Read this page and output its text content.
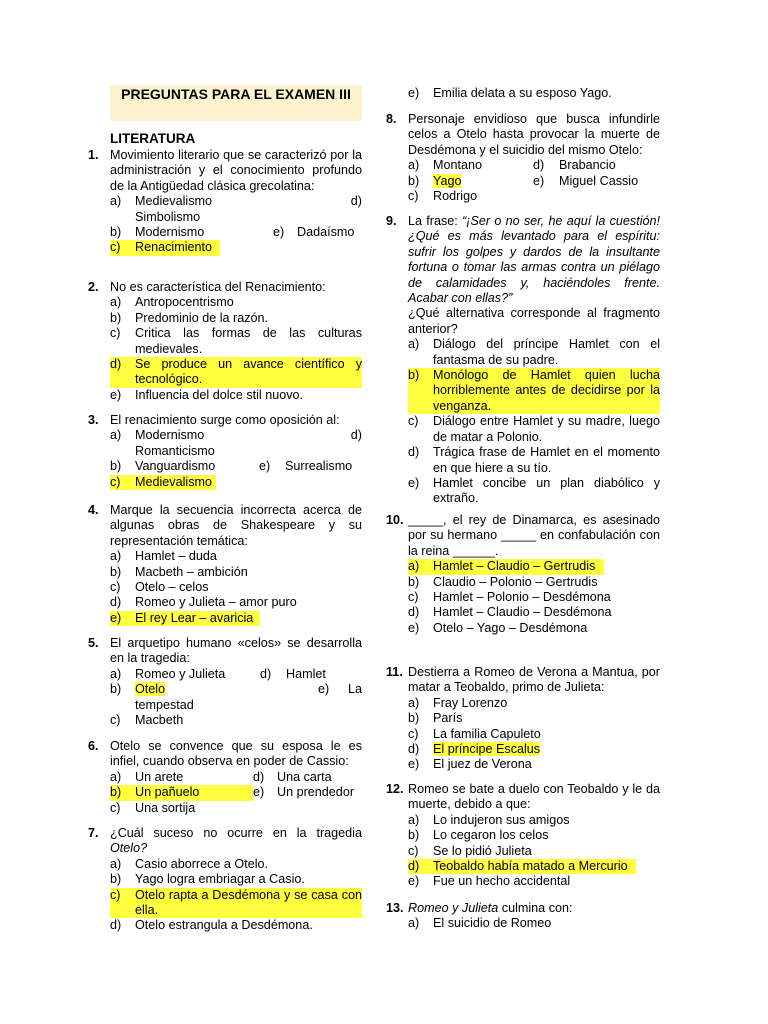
PREGUNTAS PARA EL EXAMEN III
LITERATURA
1. Movimiento literario que se caracterizó por la administración y el conocimiento profundo de la Antigüedad clásica grecolatina:
a)	Medievalismo	d)
Simbolismo
b)	Modernismo	e)	Dadaísmo
c)	Renacimiento
2. No es característica del Renacimiento:
a)	Antropocentrismo
b)	Predominio de la razón.
c)	Critica las formas de las culturas medievales.
d)	Se produce un avance científico y tecnológico.
e)	Influencia del dolce stil nuovo.
3. El renacimiento surge como oposición al:
a)	Modernismo	d)
Romanticismo
b)	Vanguardismo	e)	Surrealismo
c)	Medievalismo
4. Marque la secuencia incorrecta acerca de algunas obras de Shakespeare y su representación temática:
a)	Hamlet – duda
b)	Macbeth – ambición
c)	Otelo – celos
d)	Romeo y Julieta – amor puro
e)	El rey Lear – avaricia
5. El arquetipo humano «celos» se desarrolla en la tragedia:
a)	Romeo y Julieta	d)	Hamlet
b)	Otelo	e)	La
tempestad
c)	Macbeth
6. Otelo se convence que su esposa le es infiel, cuando observa en poder de Cassio:
a)	Un arete	d)	Una carta
b)	Un pañuelo	e)	Un prendedor
c)	Una sortija
7. ¿Cuál suceso no ocurre en la tragedia Otelo?
a)	Casio aborrece a Otelo.
b)	Yago logra embriagar a Casio.
c)	Otelo rapta a Desdémona y se casa con ella.
d)	Otelo estrangula a Desdémona.
e)	Emilia delata a su esposo Yago.
8. Personaje envidioso que busca infundirle celos a Otelo hasta provocar la muerte de Desdémona y el suicidio del mismo Otelo:
a)	Montano	d)	Brabancio
b)	Yago	e)	Miguel Cassio
c)	Rodrigo
9. La frase: “¡Ser o no ser, he aquí la cuestión! ¿Qué es más levantado para el espíritu: sufrir los golpes y dardos de la insultante fortuna o tomar las armas contra un piélago de calamidades y, haciéndoles frente. Acabar con ellas?”
¿Qué alternativa corresponde al fragmento anterior?
a)	Diálogo del príncipe Hamlet con el fantasma de su padre.
b)	Monólogo de Hamlet quien lucha horriblemente antes de decidirse por la venganza.
c)	Diálogo entre Hamlet y su madre, luego de matar a Polonio.
d)	Trágica frase de Hamlet en el momento en que hiere a su tío.
e)	Hamlet concibe un plan diabólico y extraño.
10. _____, el rey de Dinamarca, es asesinado por su hermano _____ en confabulación con la reina ______.
a)	Hamlet – Claudio – Gertrudis
b)	Claudio – Polonio – Gertrudis
c)	Hamlet – Polonio – Desdémona
d)	Hamlet – Claudio – Desdémona
e)	Otelo – Yago – Desdémona
11. Destierra a Romeo de Verona a Mantua, por matar a Teobaldo, primo de Julieta:
a)	Fray Lorenzo
b)	París
c)	La familia Capuleto
d)	El príncipe Escalus
e)	El juez de Verona
12. Romeo se bate a duelo con Teobaldo y le da muerte, debido a que:
a)	Lo indujeron sus amigos
b)	Lo cegaron los celos
c)	Se lo pidió Julieta
d)	Teobaldo había matado a Mercurio
e)	Fue un hecho accidental
13. Romeo y Julieta culmina con:
a)	El suicidio de Romeo
